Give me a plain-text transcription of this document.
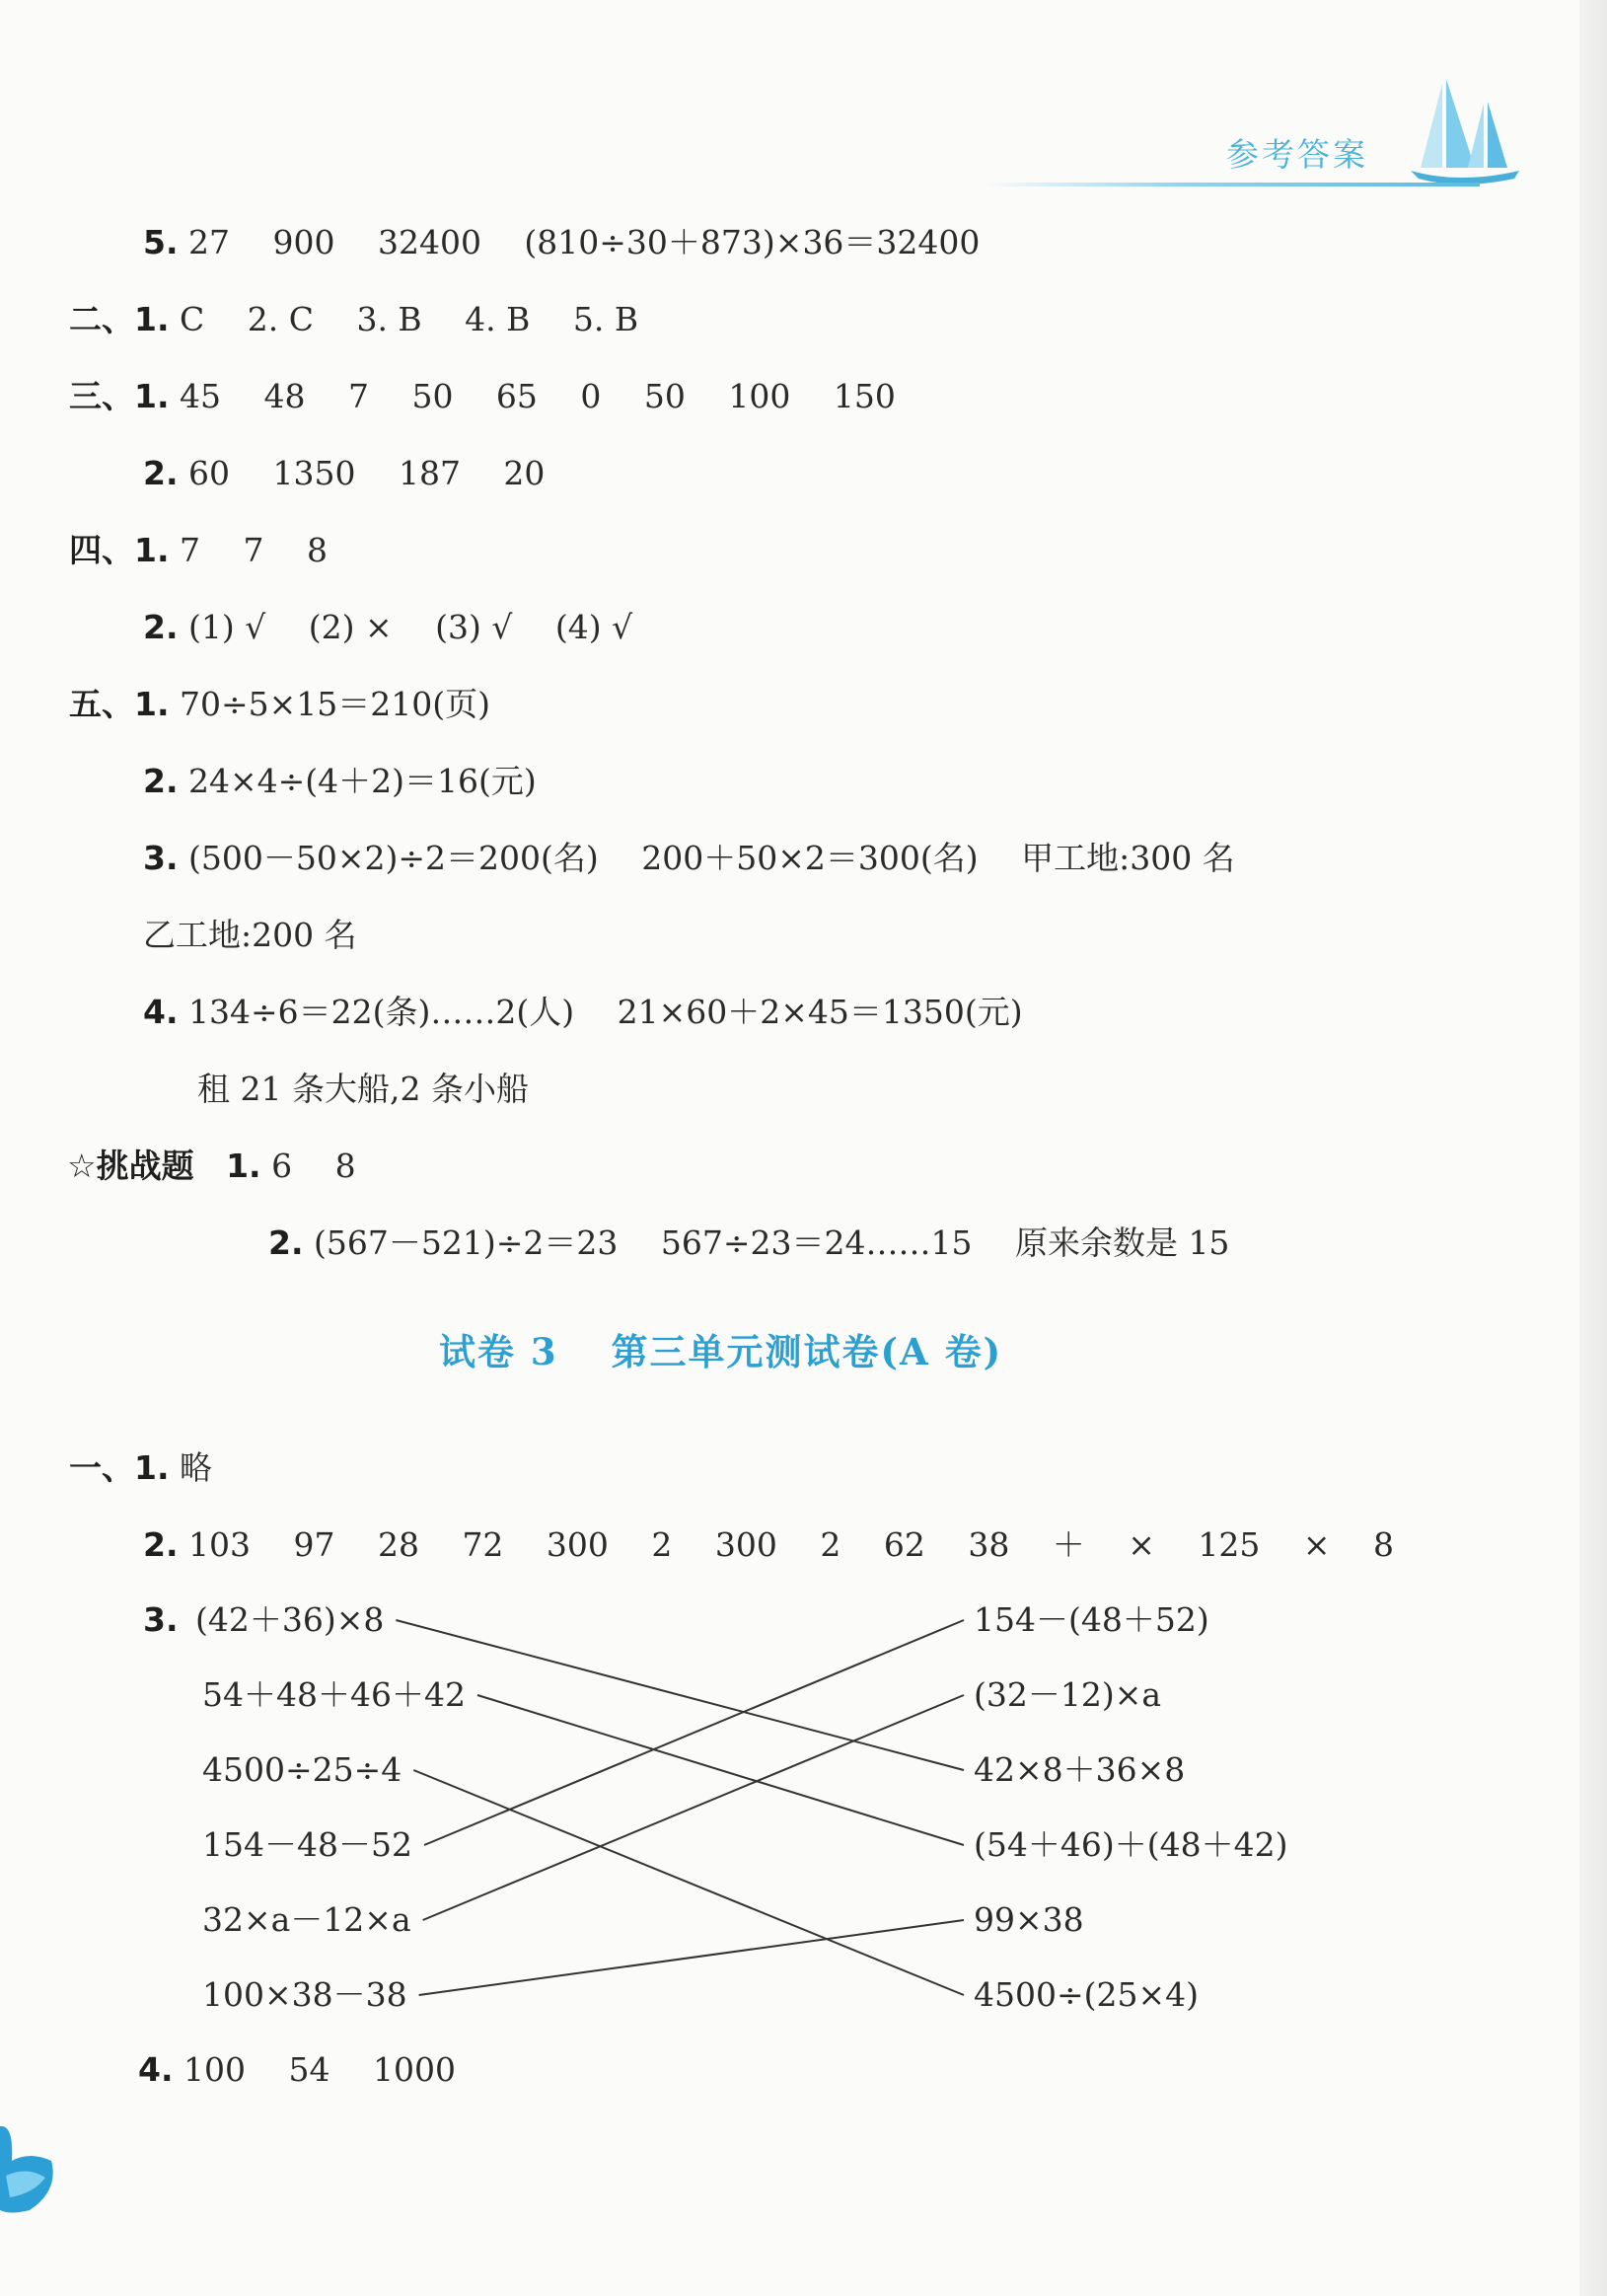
参考答案
5. 27　 900　 32400　 (810÷30＋873)×36＝32400
二、1. C　 2. C　 3. B　 4. B　 5. B
三、1. 45　 48　 7　 50　 65　 0　 50　 100　 150
2. 60　 1350　 187　 20
四、1. 7　 7　 8
2. (1) √　 (2) ×　 (3) √　 (4) √
五、1. 70÷5×15＝210(页)
2. 24×4÷(4＋2)＝16(元)
3. (500－50×2)÷2＝200(名)　 200＋50×2＝300(名)　 甲工地:300 名
乙工地:200 名
4. 134÷6＝22(条)……2(人)　 21×60＋2×45＝1350(元)
租 21 条大船,2 条小船
☆挑战题 1. 6　 8
2. (567－521)÷2＝23　 567÷23＝24……15　 原来余数是 15
试卷 3　 第三单元测试卷(A 卷)
一、1. 略
2. 103　 97　 28　 72　 300　 2　 300　 2　 62　 38　 ＋　 ×　 125　 ×　 8
3. (42＋36)×8
54＋48＋46＋42
4500÷25÷4
154－48－52
32×a－12×a
100×38－38
154－(48＋52)
(32－12)×a
42×8＋36×8
(54＋46)＋(48＋42)
99×38
4500÷(25×4)
4. 100　 54　 1000
